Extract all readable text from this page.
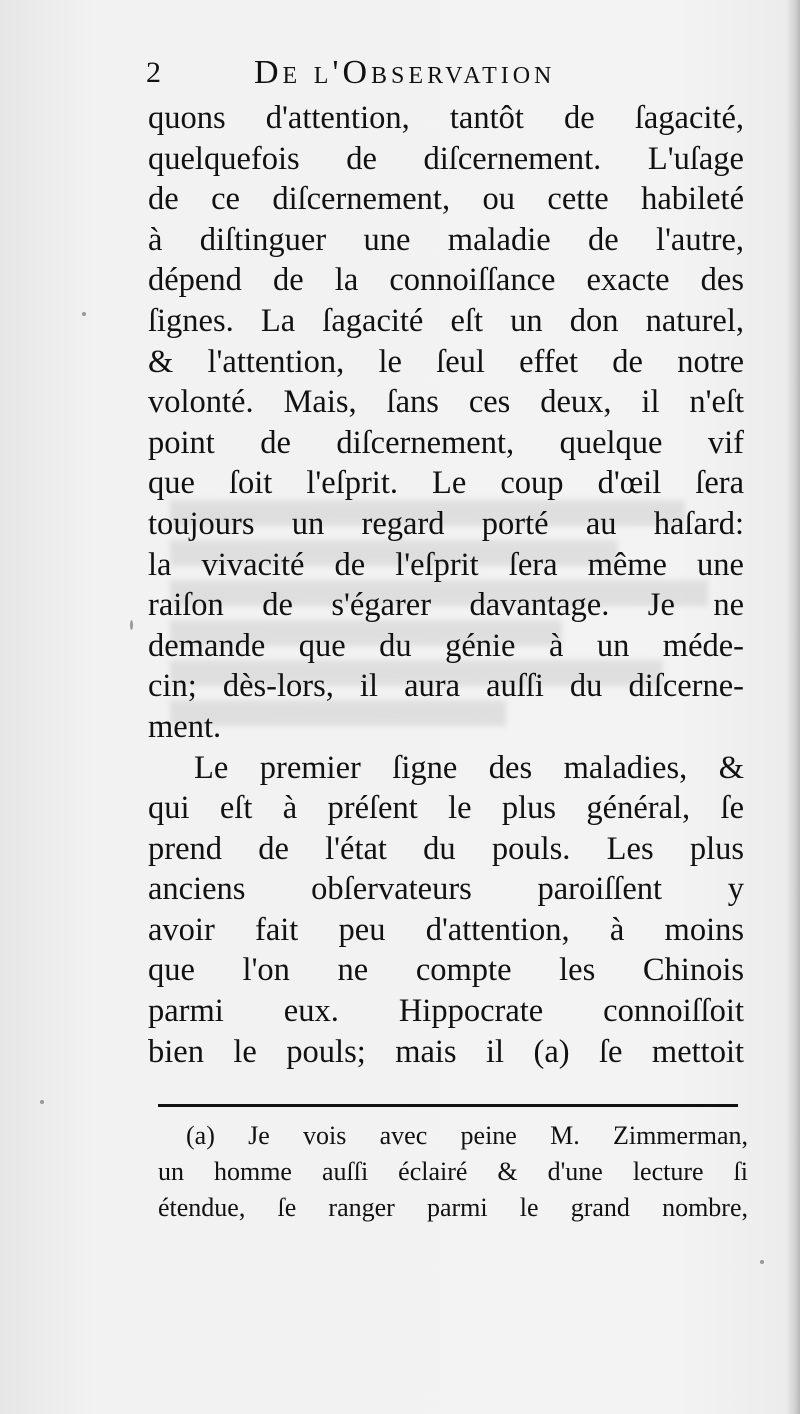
2	De l'Observation
quons d'attention, tantôt de ſagacité,
quelquefois de diſcernement. L'uſage
de ce diſcernement, ou cette habileté
à diſtinguer une maladie de l'autre,
dépend de la connoiſſance exacte des
ſignes. La ſagacité eſt un don naturel,
& l'attention, le ſeul effet de notre
volonté. Mais, ſans ces deux, il n'eſt
point de diſcernement, quelque vif
que ſoit l'eſprit. Le coup d'œil ſera
toujours un regard porté au haſard:
la vivacité de l'eſprit ſera même une
raiſon de s'égarer davantage. Je ne
demande que du génie à un méde-
cin; dès-lors, il aura auſſi du diſcerne-
ment.
Le premier ſigne des maladies, &
qui eſt à préſent le plus général, ſe
prend de l'état du pouls. Les plus
anciens obſervateurs paroiſſent y
avoir fait peu d'attention, à moins
que l'on ne compte les Chinois
parmi eux. Hippocrate connoiſſoit
bien le pouls; mais il (a) ſe mettoit
(a) Je vois avec peine M. Zimmerman,
un homme auſſi éclairé & d'une lecture ſi
étendue, ſe ranger parmi le grand nombre,
